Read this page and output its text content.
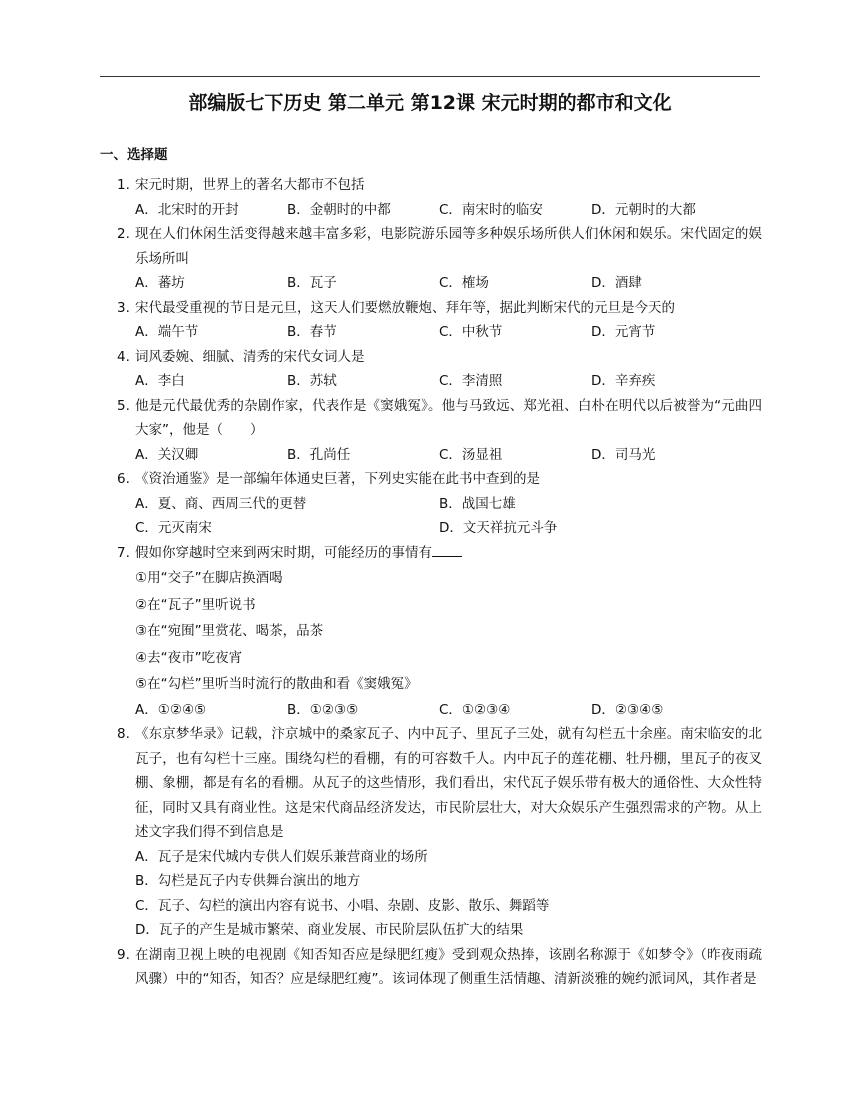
部编版七下历史 第二单元 第12课 宋元时期的都市和文化
一、选择题
1. 宋元时期，世界上的著名大都市不包括
A．北宋时的开封	B．金朝时的中都	C．南宋时的临安	D．元朝时的大都
2. 现在人们休闲生活变得越来越丰富多彩，电影院游乐园等多种娱乐场所供人们休闲和娱乐。宋代固定的娱乐场所叫
A．蕃坊	B．瓦子	C．榷场	D．酒肆
3. 宋代最受重视的节日是元旦，这天人们要燃放鞭炮、拜年等，据此判断宋代的元旦是今天的
A．端午节	B．春节	C．中秋节	D．元宵节
4. 词风委婉、细腻、清秀的宋代女词人是
A．李白	B．苏轼	C．李清照	D．辛弃疾
5. 他是元代最优秀的杂剧作家，代表作是《窦娥冤》。他与马致远、郑光祖、白朴在明代以后被誉为“元曲四大家”，他是（　　）
A．关汉卿	B．孔尚任	C．汤显祖	D．司马光
6. 《资治通鉴》是一部编年体通史巨著，下列史实能在此书中查到的是
A．夏、商、西周三代的更替	B．战国七雄
C．元灭南宋	D．文天祥抗元斗争
7. 假如你穿越时空来到两宋时期，可能经历的事情有
①用“交子”在脚店换酒喝
②在“瓦子”里听说书
③在“宛囿”里赏花、喝茶，品茶
④去“夜市”吃夜宵
⑤在“勾栏”里听当时流行的散曲和看《窦娥冤》
A．①②④⑤	B．①②③⑤	C．①②③④	D．②③④⑤
8. 《东京梦华录》记载，汴京城中的桑家瓦子、内中瓦子、里瓦子三处，就有勾栏五十余座。南宋临安的北瓦子，也有勾栏十三座。围绕勾栏的看棚，有的可容数千人。内中瓦子的莲花棚、牡丹棚，里瓦子的夜叉棚、象棚，都是有名的看棚。从瓦子的这些情形，我们看出，宋代瓦子娱乐带有极大的通俗性、大众性特征，同时又具有商业性。这是宋代商品经济发达，市民阶层壮大，对大众娱乐产生强烈需求的产物。从上述文字我们得不到信息是
A．瓦子是宋代城内专供人们娱乐兼营商业的场所
B．勾栏是瓦子内专供舞台演出的地方
C．瓦子、勾栏的演出内容有说书、小唱、杂剧、皮影、散乐、舞蹈等
D．瓦子的产生是城市繁荣、商业发展、市民阶层队伍扩大的结果
9. 在湖南卫视上映的电视剧《知否知否应是绿肥红瘦》受到观众热捧，该剧名称源于《如梦令》（昨夜雨疏风骤）中的“知否，知否？应是绿肥红瘦”。该词体现了侧重生活情趣、清新淡雅的婉约派词风，其作者是
